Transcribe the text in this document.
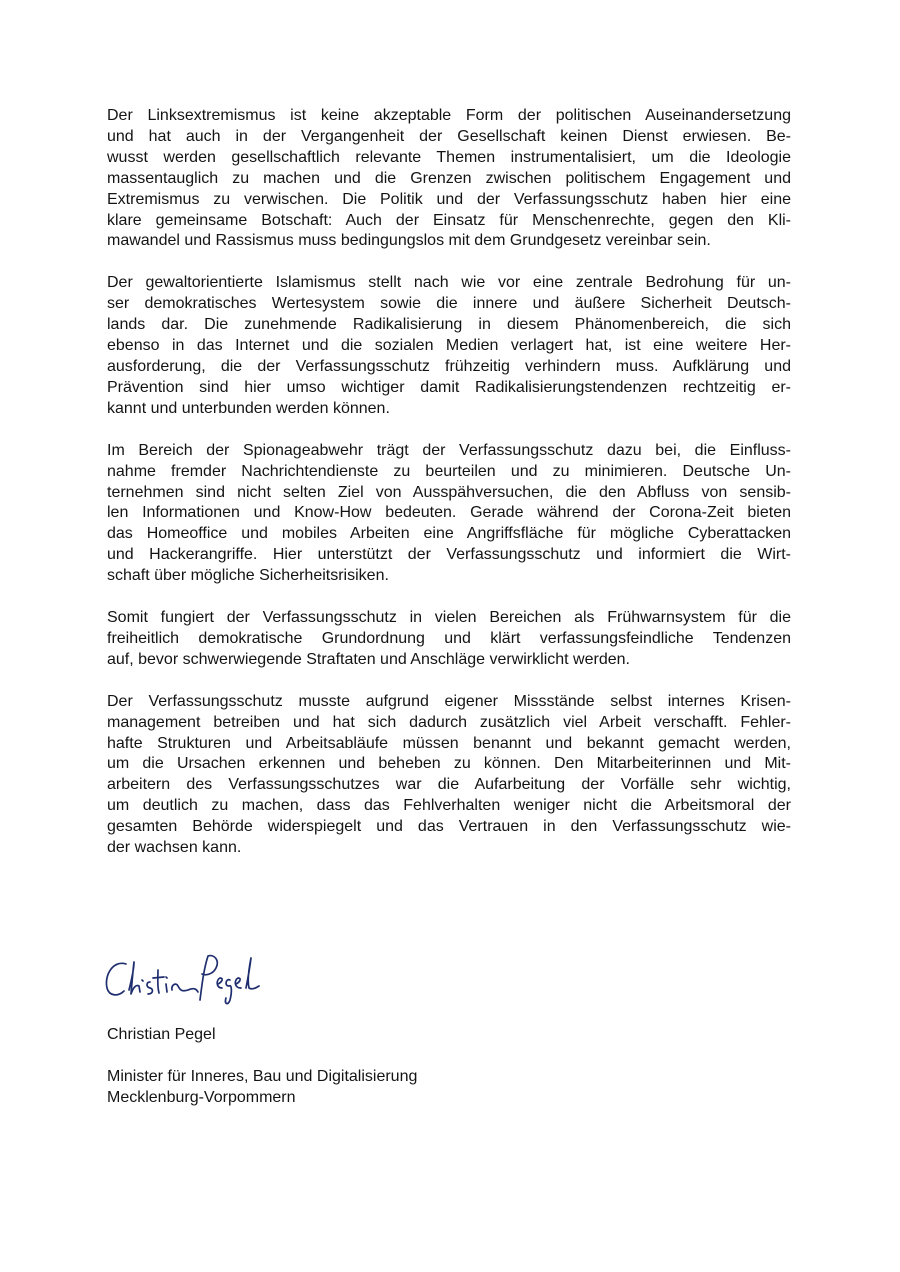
Der Linksextremismus ist keine akzeptable Form der politischen Auseinandersetzung
und hat auch in der Vergangenheit der Gesellschaft keinen Dienst erwiesen. Be-
wusst werden gesellschaftlich relevante Themen instrumentalisiert, um die Ideologie
massentauglich zu machen und die Grenzen zwischen politischem Engagement und
Extremismus zu verwischen. Die Politik und der Verfassungsschutz haben hier eine
klare gemeinsame Botschaft: Auch der Einsatz für Menschenrechte, gegen den Kli-
mawandel und Rassismus muss bedingungslos mit dem Grundgesetz vereinbar sein.

Der gewaltorientierte Islamismus stellt nach wie vor eine zentrale Bedrohung für un-
ser demokratisches Wertesystem sowie die innere und äußere Sicherheit Deutsch-
lands dar. Die zunehmende Radikalisierung in diesem Phänomenbereich, die sich
ebenso in das Internet und die sozialen Medien verlagert hat, ist eine weitere Her-
ausforderung, die der Verfassungsschutz frühzeitig verhindern muss. Aufklärung und
Prävention sind hier umso wichtiger damit Radikalisierungstendenzen rechtzeitig er-
kannt und unterbunden werden können.

Im Bereich der Spionageabwehr trägt der Verfassungsschutz dazu bei, die Einfluss-
nahme fremder Nachrichtendienste zu beurteilen und zu minimieren. Deutsche Un-
ternehmen sind nicht selten Ziel von Ausspähversuchen, die den Abfluss von sensib-
len Informationen und Know-How bedeuten. Gerade während der Corona-Zeit bieten
das Homeoffice und mobiles Arbeiten eine Angriffsfläche für mögliche Cyberattacken
und Hackerangriffe. Hier unterstützt der Verfassungsschutz und informiert die Wirt-
schaft über mögliche Sicherheitsrisiken.

Somit fungiert der Verfassungsschutz in vielen Bereichen als Frühwarnsystem für die
freiheitlich demokratische Grundordnung und klärt verfassungsfeindliche Tendenzen
auf, bevor schwerwiegende Straftaten und Anschläge verwirklicht werden.

Der Verfassungsschutz musste aufgrund eigener Missstände selbst internes Krisen-
management betreiben und hat sich dadurch zusätzlich viel Arbeit verschafft. Fehler-
hafte Strukturen und Arbeitsabläufe müssen benannt und bekannt gemacht werden,
um die Ursachen erkennen und beheben zu können. Den Mitarbeiterinnen und Mit-
arbeitern des Verfassungsschutzes war die Aufarbeitung der Vorfälle sehr wichtig,
um deutlich zu machen, dass das Fehlverhalten weniger nicht die Arbeitsmoral der
gesamten Behörde widerspiegelt und das Vertrauen in den Verfassungsschutz wie-
der wachsen kann.

Christian Pegel
Minister für Inneres, Bau und Digitalisierung
Mecklenburg-Vorpommern
